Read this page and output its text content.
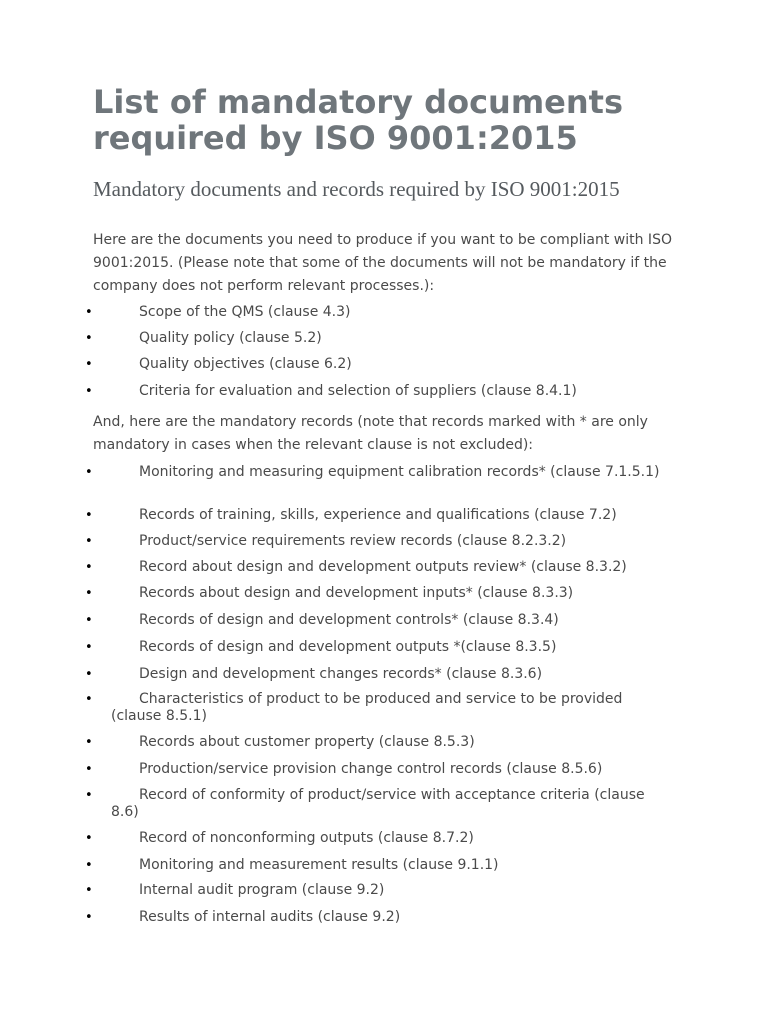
List of mandatory documents required by ISO 9001:2015
Mandatory documents and records required by ISO 9001:2015

Here are the documents you need to produce if you want to be compliant with ISO 9001:2015. (Please note that some of the documents will not be mandatory if the company does not perform relevant processes.):

•	Scope of the QMS (clause 4.3)
•	Quality policy (clause 5.2)
•	Quality objectives (clause 6.2)
•	Criteria for evaluation and selection of suppliers (clause 8.4.1)

And, here are the mandatory records (note that records marked with * are only mandatory in cases when the relevant clause is not excluded):

•	Monitoring and measuring equipment calibration records* (clause 7.1.5.1)
•	Records of training, skills, experience and qualifications (clause 7.2)
•	Product/service requirements review records (clause 8.2.3.2)
•	Record about design and development outputs review* (clause 8.3.2)
•	Records about design and development inputs* (clause 8.3.3)
•	Records of design and development controls* (clause 8.3.4)
•	Records of design and development outputs *(clause 8.3.5)
•	Design and development changes records* (clause 8.3.6)
•	Characteristics of product to be produced and service to be provided (clause 8.5.1)
•	Records about customer property (clause 8.5.3)
•	Production/service provision change control records (clause 8.5.6)
•	Record of conformity of product/service with acceptance criteria (clause 8.6)
•	Record of nonconforming outputs (clause 8.7.2)
•	Monitoring and measurement results (clause 9.1.1)
•	Internal audit program (clause 9.2)
•	Results of internal audits (clause 9.2)
